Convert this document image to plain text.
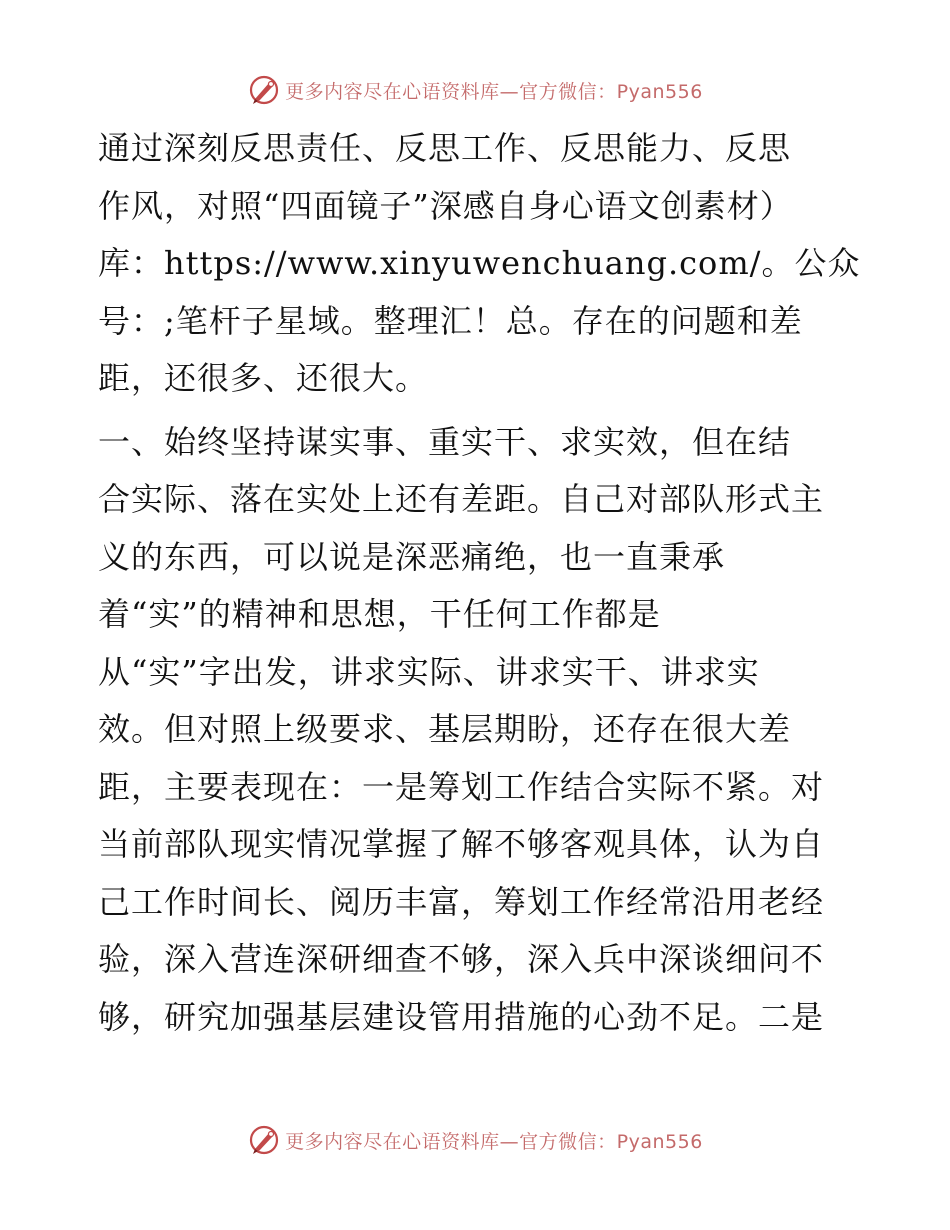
更多内容尽在心语资料库—官方微信：Pyan556

通过深刻反思责任、反思工作、反思能力、反思
作风，对照“四面镜子”深感自身心语文创素材）
库：https://www.xinyuwenchuang.com/。公众
号：;笔杆子星域。整理汇！总。存在的问题和差
距，还很多、还很大。

一、始终坚持谋实事、重实干、求实效，但在结
合实际、落在实处上还有差距。自己对部队形式主
义的东西，可以说是深恶痛绝，也一直秉承
着“实”的精神和思想，干任何工作都是
从“实”字出发，讲求实际、讲求实干、讲求实
效。但对照上级要求、基层期盼，还存在很大差
距，主要表现在：一是筹划工作结合实际不紧。对
当前部队现实情况掌握了解不够客观具体，认为自
己工作时间长、阅历丰富，筹划工作经常沿用老经
验，深入营连深研细查不够，深入兵中深谈细问不
够，研究加强基层建设管用措施的心劲不足。二是

更多内容尽在心语资料库—官方微信：Pyan556
